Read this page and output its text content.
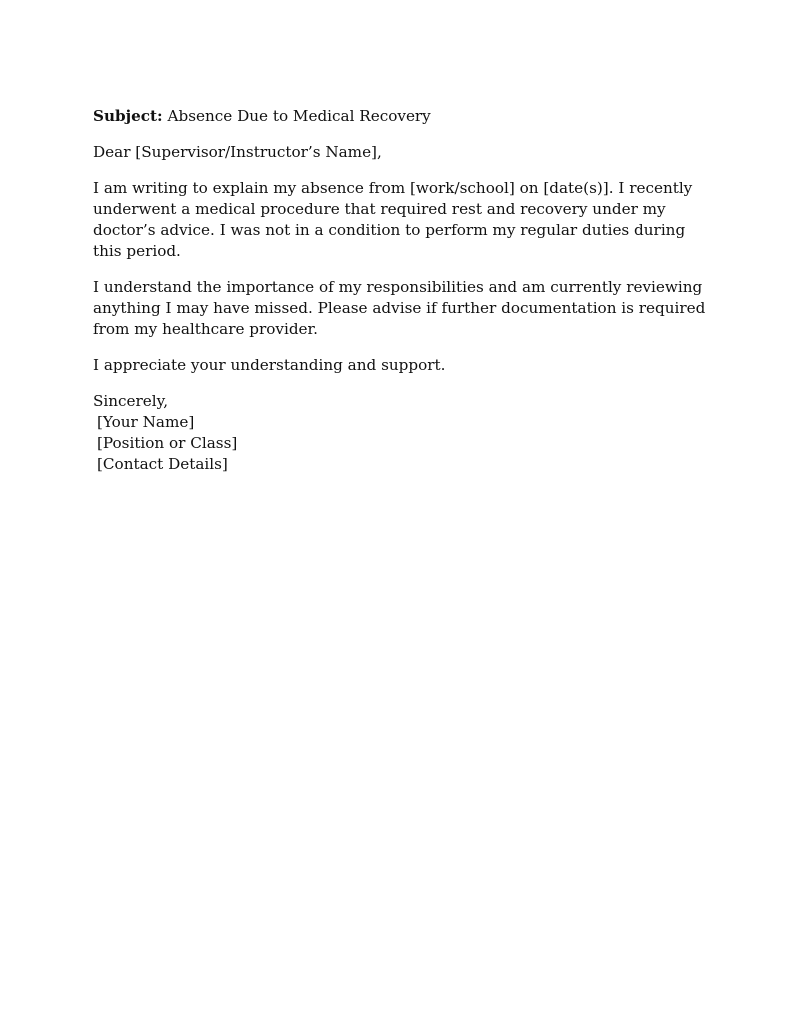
Subject: Absence Due to Medical Recovery

Dear [Supervisor/Instructor’s Name],

I am writing to explain my absence from [work/school] on [date(s)]. I recently underwent a medical procedure that required rest and recovery under my doctor’s advice. I was not in a condition to perform my regular duties during this period.

I understand the importance of my responsibilities and am currently reviewing anything I may have missed. Please advise if further documentation is required from my healthcare provider.

I appreciate your understanding and support.

Sincerely,
[Your Name]
[Position or Class]
[Contact Details]
